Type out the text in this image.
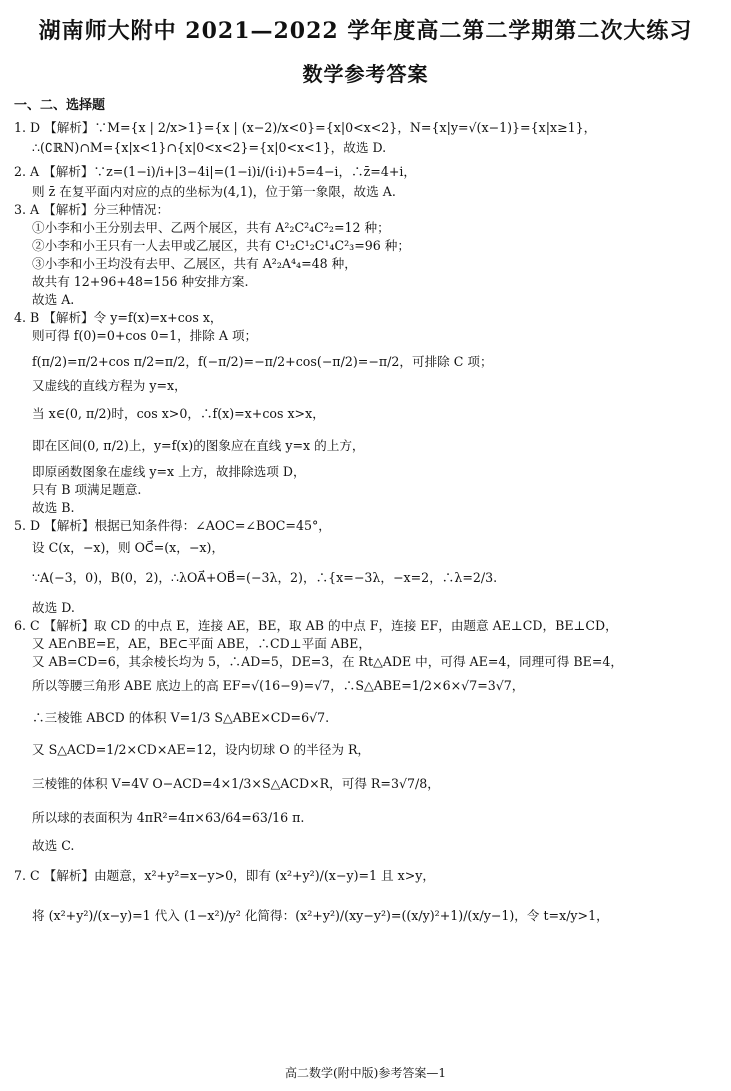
湖南师大附中 2021—2022 学年度高二第二学期第二次大练习
数学参考答案
一、二、选择题
1. D 【解析】∵M={x | 2/x>1}={x | (x−2)/x<0}={x|0<x<2}，N={x|y=√(x−1)}={x|x≥1}，
∴(∁ℝN)∩M={x|x<1}∩{x|0<x<2}={x|0<x<1}，故选 D.
2. A 【解析】∵z=(1−i)/i+|3−4i|=(1−i)i/(i·i)+5=4−i，∴z̄=4+i，
则 z̄ 在复平面内对应的点的坐标为(4,1)，位于第一象限，故选 A.
3. A 【解析】分三种情况：
①小李和小王分别去甲、乙两个展区，共有 A²₂C²₄C²₂=12 种；
②小李和小王只有一人去甲或乙展区，共有 C¹₂C¹₂C¹₄C²₃=96 种；
③小李和小王均没有去甲、乙展区，共有 A²₂A⁴₄=48 种，
故共有 12+96+48=156 种安排方案.
故选 A.
4. B 【解析】令 y=f(x)=x+cos x，
则可得 f(0)=0+cos 0=1，排除 A 项；
f(π/2)=π/2+cos π/2=π/2，f(−π/2)=−π/2+cos(−π/2)=−π/2，可排除 C 项；
又虚线的直线方程为 y=x，
当 x∈(0, π/2)时，cos x>0，∴f(x)=x+cos x>x，
即在区间(0, π/2)上，y=f(x)的图象应在直线 y=x 的上方，
即原函数图象在虚线 y=x 上方，故排除选项 D，
只有 B 项满足题意.
故选 B.
5. D 【解析】根据已知条件得：∠AOC=∠BOC=45°，
设 C(x，−x)，则 OC⃗=(x，−x)，
∵A(−3，0)，B(0，2)，∴λOA⃗+OB⃗=(−3λ，2)，∴{x=−3λ，−x=2，∴λ=2/3.
故选 D.
6. C 【解析】取 CD 的中点 E，连接 AE，BE，取 AB 的中点 F，连接 EF，由题意 AE⊥CD，BE⊥CD，
又 AE∩BE=E，AE，BE⊂平面 ABE，∴CD⊥平面 ABE，
又 AB=CD=6，其余棱长均为 5，∴AD=5，DE=3，在 Rt△ADE 中，可得 AE=4，同理可得 BE=4，
所以等腰三角形 ABE 底边上的高 EF=√(16−9)=√7，∴S△ABE=1/2×6×√7=3√7，
∴三棱锥 ABCD 的体积 V=1/3 S△ABE×CD=6√7.
又 S△ACD=1/2×CD×AE=12，设内切球 O 的半径为 R，
三棱锥的体积 V=4V O−ACD=4×1/3×S△ACD×R，可得 R=3√7/8，
所以球的表面积为 4πR²=4π×63/64=63/16 π.
故选 C.
7. C 【解析】由题意，x²+y²=x−y>0，即有 (x²+y²)/(x−y)=1 且 x>y，
将 (x²+y²)/(x−y)=1 代入 (1−x²)/y² 化简得：(x²+y²)/(xy−y²)=((x/y)²+1)/(x/y−1)，令 t=x/y>1，
高二数学(附中版)参考答案—1
